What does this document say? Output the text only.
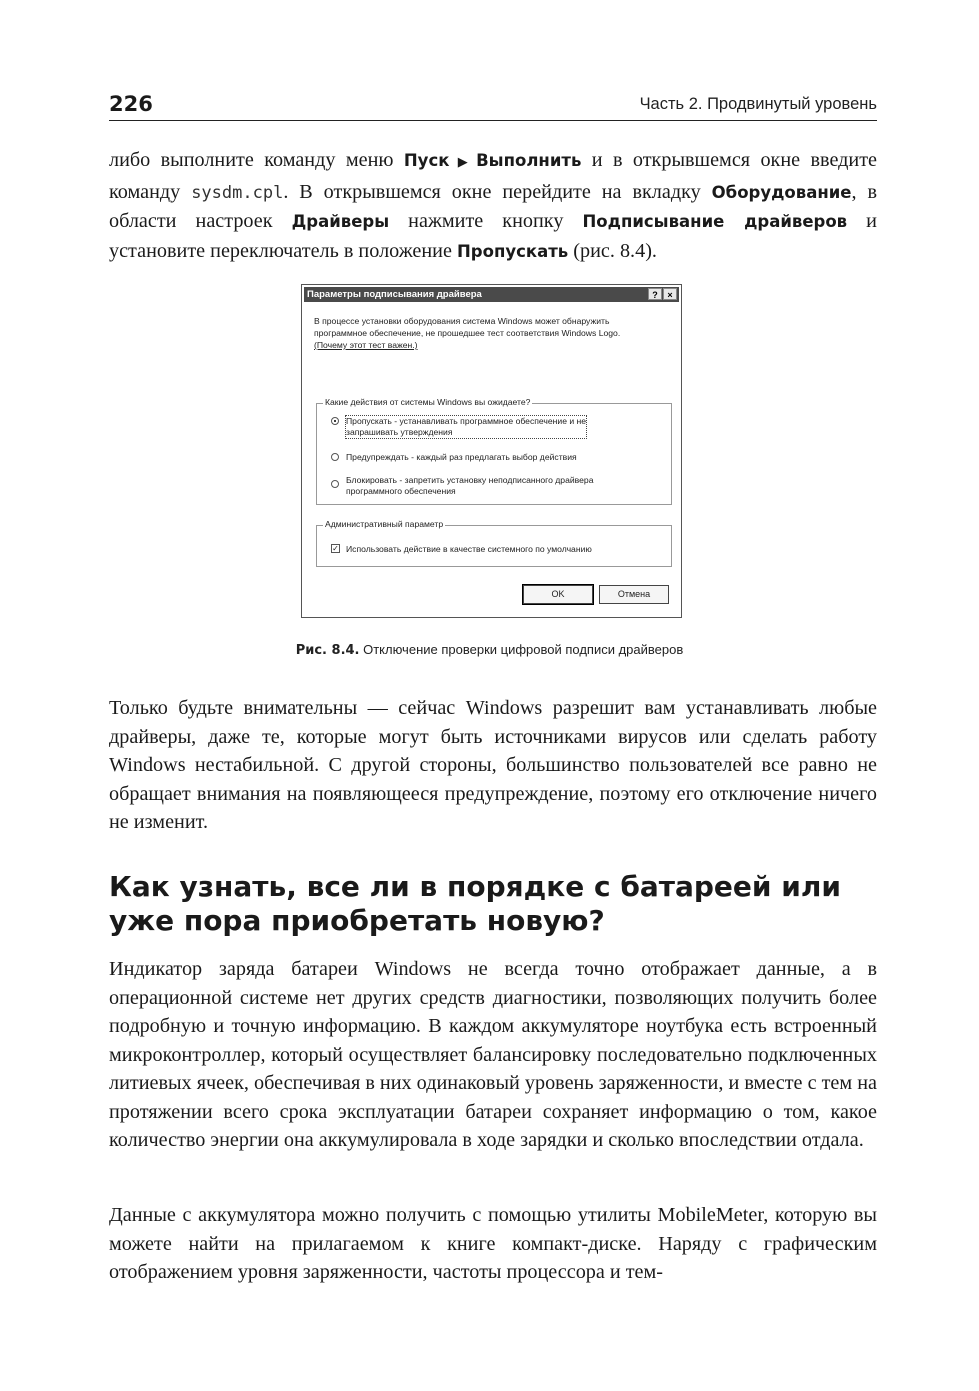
226	Часть 2. Продвинутый уровень

либо выполните команду меню Пуск ▶ Выполнить и в открывшемся окне введите команду sysdm.cpl. В открывшемся окне перейдите на вкладку Оборудование, в области настроек Драйверы нажмите кнопку Подписывание драйверов и установите переключатель в положение Пропускать (рис. 8.4).

Параметры подписывания драйвера	?	×
В процессе установки оборудования система Windows может обнаружить программное обеспечение, не прошедшее тест соответствия Windows Logo. (Почему этот тест важен.)
Какие действия от системы Windows вы ожидаете?
Пропускать - устанавливать программное обеспечение и не
запрашивать утверждения
Предупреждать - каждый раз предлагать выбор действия
Блокировать - запретить установку неподписанного драйвера
программного обеспечения
Административный параметр
✓ Использовать действие в качестве системного по умолчанию
OK	Отмена
Рис. 8.4. Отключение проверки цифровой подписи драйверов

Только будьте внимательны — сейчас Windows разрешит вам устанавливать любые драйверы, даже те, которые могут быть источниками вирусов или сделать работу Windows нестабильной. С другой стороны, большинство пользователей все равно не обращает внимания на появляющееся предупреждение, поэтому его отключение ничего не изменит.

Как узнать, все ли в порядке с батареей или уже пора приобретать новую?

Индикатор заряда батареи Windows не всегда точно отображает данные, а в операционной системе нет других средств диагностики, позволяющих получить более подробную и точную информацию. В каждом аккумуляторе ноутбука есть встроенный микроконтроллер, который осуществляет балансировку последовательно подключенных литиевых ячеек, обеспечивая в них одинаковый уровень заряженности, и вместе с тем на протяжении всего срока эксплуатации батареи сохраняет информацию о том, какое количество энергии она аккумулировала в ходе зарядки и сколько впоследствии отдала.

Данные с аккумулятора можно получить с помощью утилиты MobileMeter, которую вы можете найти на прилагаемом к книге компакт-диске. Наряду с графическим отображением уровня заряженности, частоты процессора и тем-
